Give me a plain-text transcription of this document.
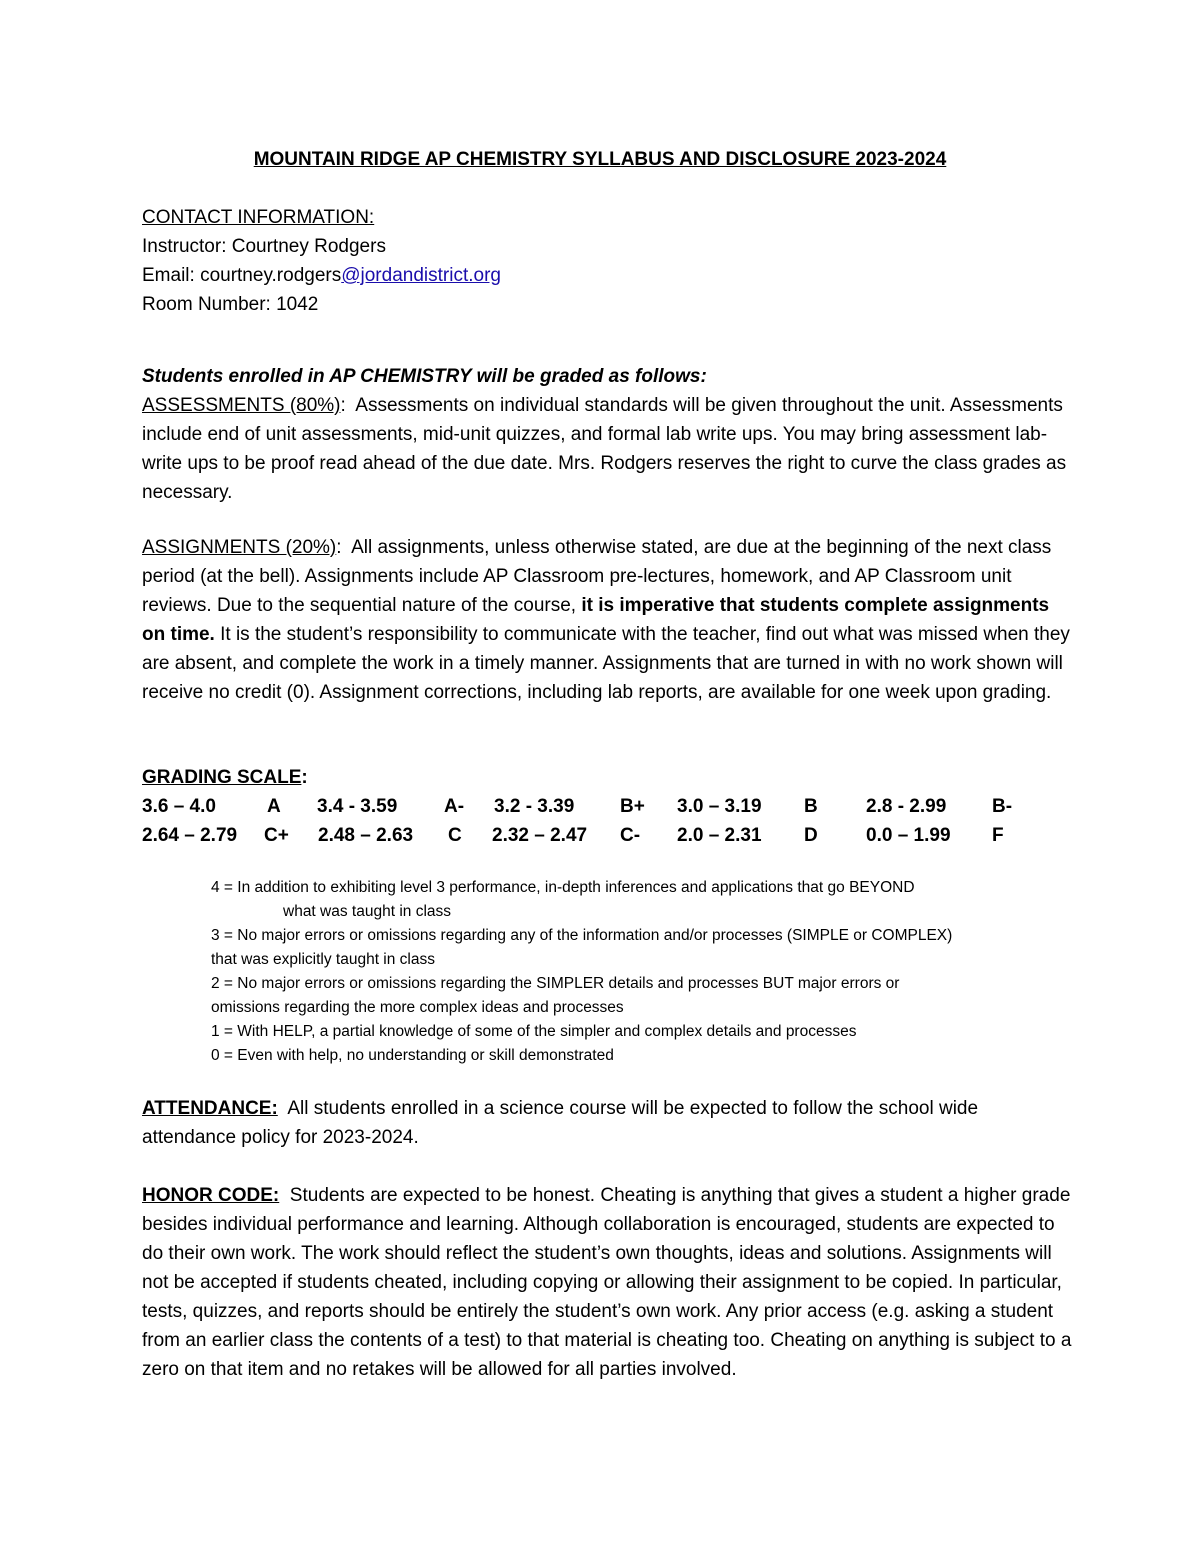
MOUNTAIN RIDGE AP CHEMISTRY SYLLABUS AND DISCLOSURE 2023-2024

CONTACT INFORMATION:

Instructor: Courtney Rodgers

Email: courtney.rodgers@jordandistrict.org

Room Number: 1042

Students enrolled in AP CHEMISTRY will be graded as follows:

ASSESSMENTS (80%): Assessments on individual standards will be given throughout the unit. Assessments include end of unit assessments, mid-unit quizzes, and formal lab write ups. You may bring assessment lab-write ups to be proof read ahead of the due date. Mrs. Rodgers reserves the right to curve the class grades as necessary.

ASSIGNMENTS (20%): All assignments, unless otherwise stated, are due at the beginning of the next class period (at the bell). Assignments include AP Classroom pre-lectures, homework, and AP Classroom unit reviews. Due to the sequential nature of the course, it is imperative that students complete assignments on time. It is the student’s responsibility to communicate with the teacher, find out what was missed when they are absent, and complete the work in a timely manner. Assignments that are turned in with no work shown will receive no credit (0). Assignment corrections, including lab reports, are available for one week upon grading.

GRADING SCALE:

3.6 – 4.0	A 3.4 - 3.59 A- 3.2 - 3.39 B+ 3.0 – 3.19 B	2.8 - 2.99 B-
2.64 – 2.79 C+ 2.48 – 2.63 C 2.32 – 2.47 C- 2.0 – 2.31 D	0.0 – 1.99 F

4 = In addition to exhibiting level 3 performance, in-depth inferences and applications that go BEYOND

what was taught in class

3 = No major errors or omissions regarding any of the information and/or processes (SIMPLE or COMPLEX)

that was explicitly taught in class

2 = No major errors or omissions regarding the SIMPLER details and processes BUT major errors or

omissions regarding the more complex ideas and processes

1 = With HELP, a partial knowledge of some of the simpler and complex details and processes

0 = Even with help, no understanding or skill demonstrated

ATTENDANCE: All students enrolled in a science course will be expected to follow the school wide attendance policy for 2023-2024.

HONOR CODE: Students are expected to be honest. Cheating is anything that gives a student a higher grade besides individual performance and learning. Although collaboration is encouraged, students are expected to do their own work. The work should reflect the student’s own thoughts, ideas and solutions. Assignments will not be accepted if students cheated, including copying or allowing their assignment to be copied. In particular, tests, quizzes, and reports should be entirely the student’s own work. Any prior access (e.g. asking a student from an earlier class the contents of a test) to that material is cheating too. Cheating on anything is subject to a zero on that item and no retakes will be allowed for all parties involved.
